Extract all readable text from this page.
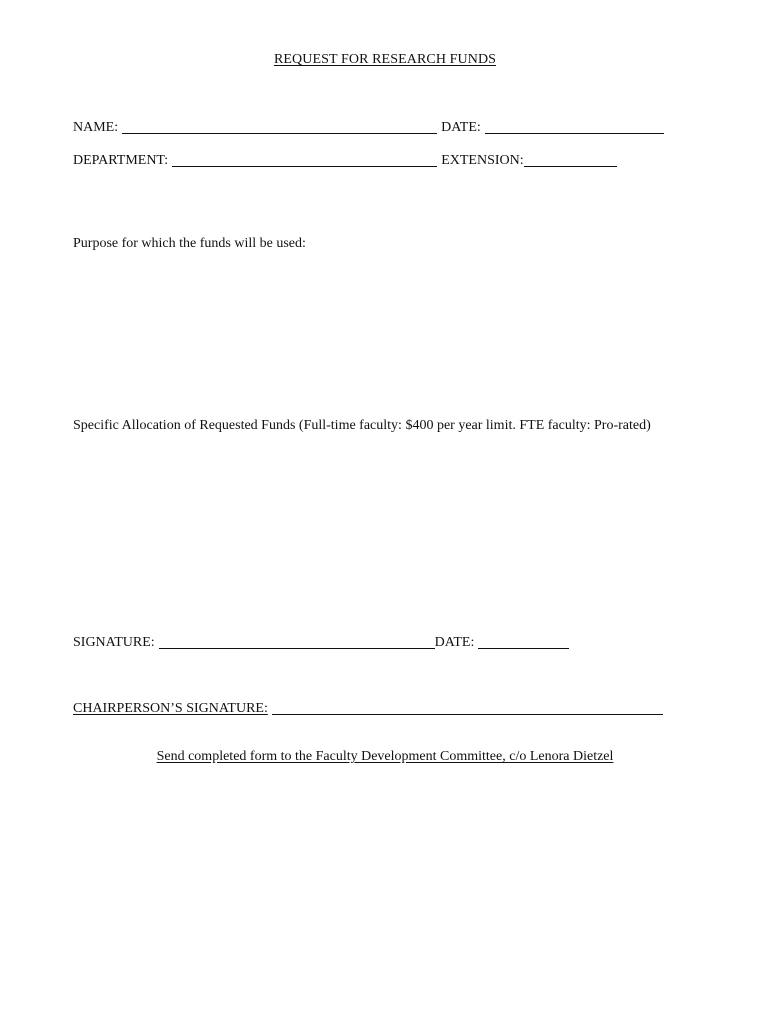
REQUEST FOR RESEARCH FUNDS
NAME:	DATE:
DEPARTMENT:	EXTENSION:
Purpose for which the funds will be used:
Specific Allocation of Requested Funds (Full-time faculty: $400 per year limit. FTE faculty: Pro-rated)
SIGNATURE:	DATE:
CHAIRPERSON’S SIGNATURE:
Send completed form to the Faculty Development Committee, c/o Lenora Dietzel
